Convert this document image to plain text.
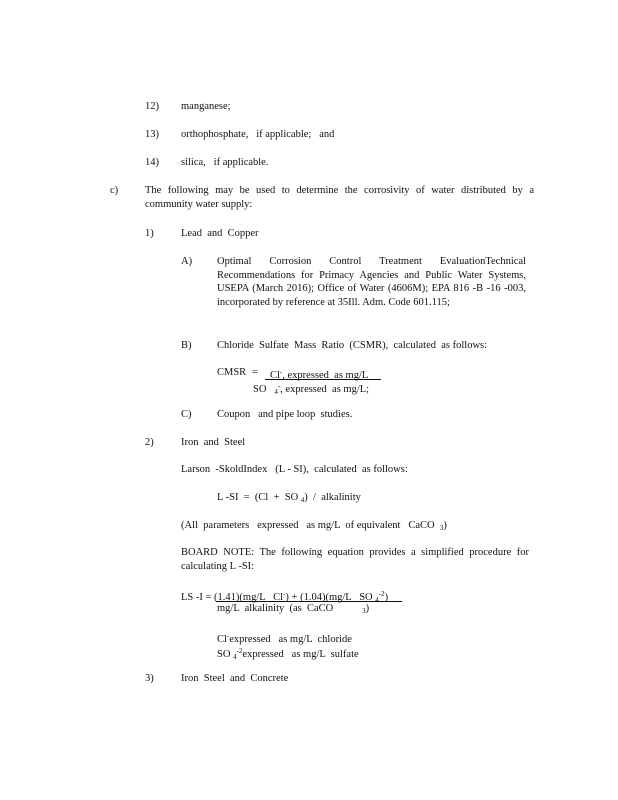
12) manganese;
13) orthophosphate,   if applicable;   and
14) silica,   if applicable.
c)	The following may be used to determine the corrosivity of water distributed by a community water supply:
1)	Lead  and  Copper
A) Optimal Corrosion Control Treatment EvaluationTechnical Recommendations for Primacy Agencies and Public Water Systems, USEPA (March 2016); Office of Water (4606M); EPA 816 -B -16 -003, incorporated by reference at 35Ill. Adm. Code 601.115;
B) Chloride  Sulfate  Mass  Ratio  (CSMR),  calculated  as follows:
CMSR = Cl-, expressed  as mg/L
SO $_4$-, expressed  as mg/L;
C) Coupon   and pipe loop  studies.
2)	Iron  and  Steel
Larson  -SkoldIndex   (L - SI),  calculated  as follows:
L -SI  =  (Cl  +  SO $_4$)  /  alkalinity
(All  parameters   expressed   as mg/L  of equivalent   CaCO $_3$)
BOARD NOTE: The following equation provides a simplified procedure for calculating L -SI:
LS -I = (1.41)(mg/L   Cl-) + (1.04)(mg/L   SO $_4^{-2}$)
mg/L  alkalinity  (as  CaCO	$_3$)
Cl-expressed   as mg/L  chloride
SO $_4^{-2}$expressed   as mg/L  sulfate
3)	Iron  Steel  and  Concrete
